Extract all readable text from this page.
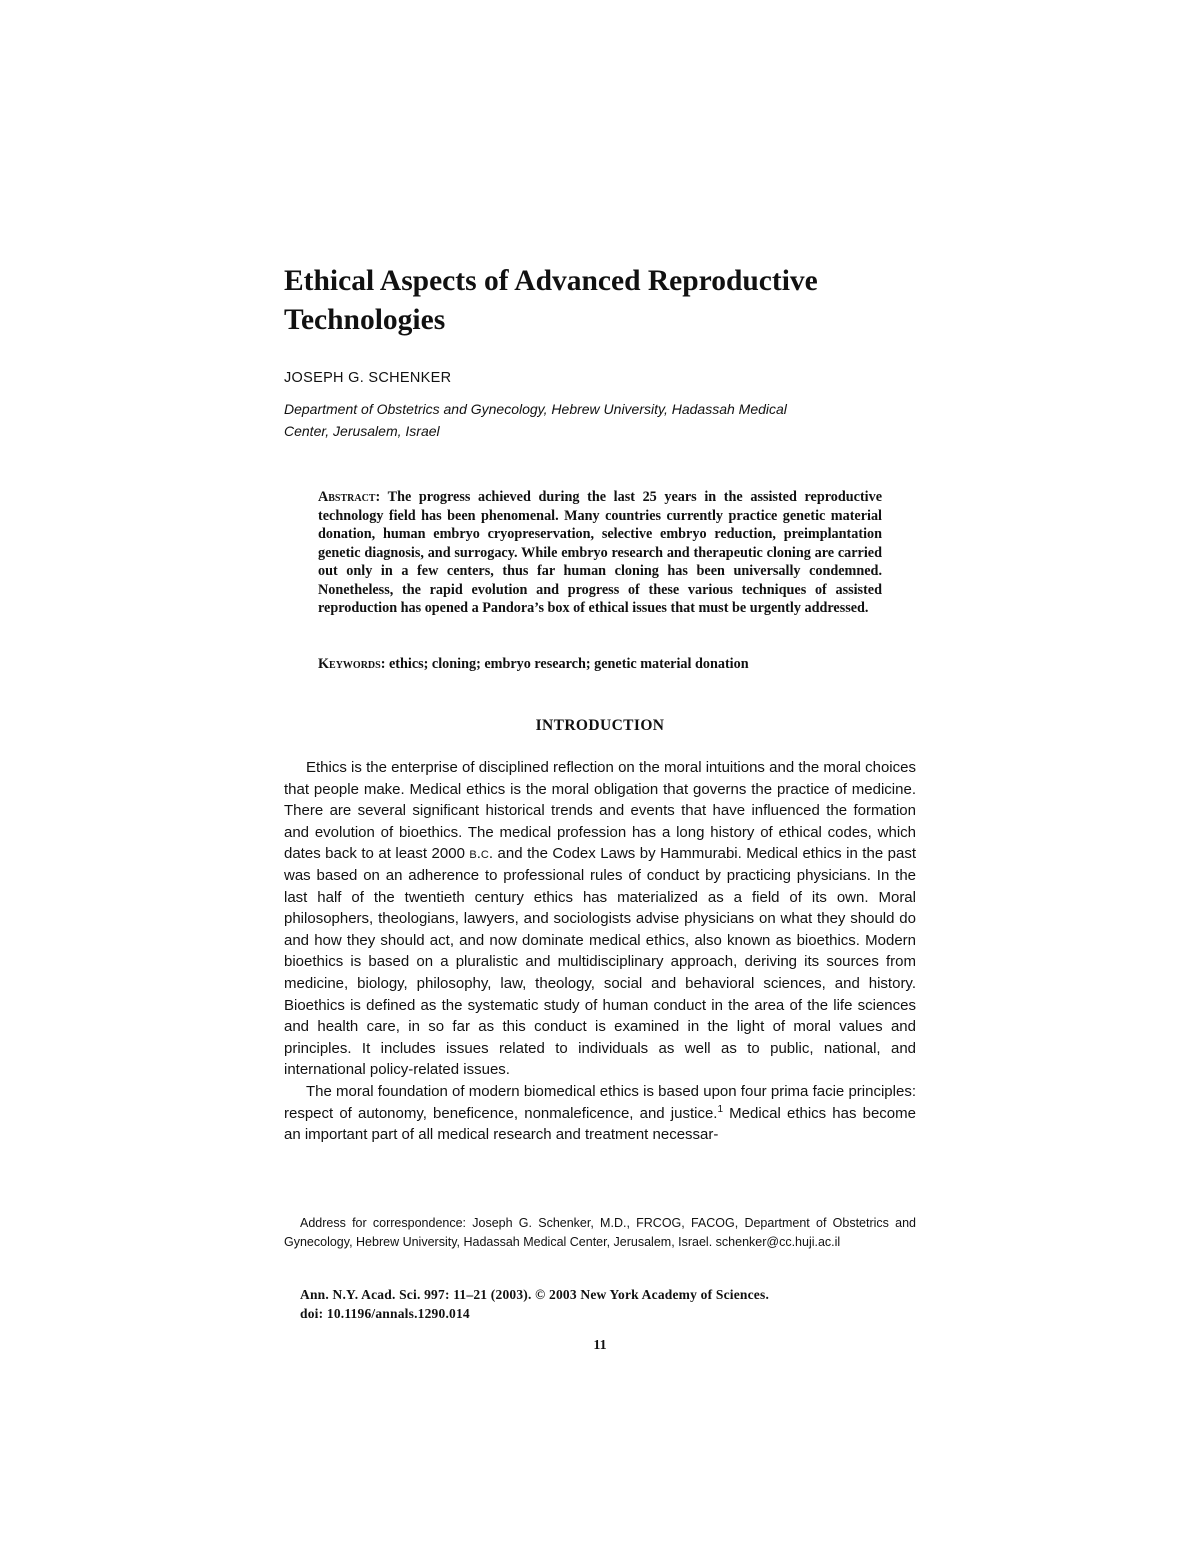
Ethical Aspects of Advanced Reproductive
Technologies
JOSEPH G. SCHENKER
Department of Obstetrics and Gynecology, Hebrew University, Hadassah Medical
Center, Jerusalem, Israel

Abstract: The progress achieved during the last 25 years in the assisted reproductive technology field has been phenomenal. Many countries currently practice genetic material donation, human embryo cryopreservation, selective embryo reduction, preimplantation genetic diagnosis, and surrogacy. While embryo research and therapeutic cloning are carried out only in a few centers, thus far human cloning has been universally condemned. Nonetheless, the rapid evolution and progress of these various techniques of assisted reproduction has opened a Pandora’s box of ethical issues that must be urgently addressed.

Keywords: ethics; cloning; embryo research; genetic material donation

INTRODUCTION

Ethics is the enterprise of disciplined reflection on the moral intuitions and the moral choices that people make. Medical ethics is the moral obligation that governs the practice of medicine. There are several significant historical trends and events that have influenced the formation and evolution of bioethics. The medical profession has a long history of ethical codes, which dates back to at least 2000 b.c. and the Codex Laws by Hammurabi. Medical ethics in the past was based on an adherence to professional rules of conduct by practicing physicians. In the last half of the twentieth century ethics has materialized as a field of its own. Moral philosophers, theologians, lawyers, and sociologists advise physicians on what they should do and how they should act, and now dominate medical ethics, also known as bioethics. Modern bioethics is based on a pluralistic and multidisciplinary approach, deriving its sources from medicine, biology, philosophy, law, theology, social and behavioral sciences, and history. Bioethics is defined as the systematic study of human conduct in the area of the life sciences and health care, in so far as this conduct is examined in the light of moral values and principles. It includes issues related to individuals as well as to public, national, and international policy-related issues.

The moral foundation of modern biomedical ethics is based upon four prima facie principles: respect of autonomy, beneficence, nonmaleficence, and justice.$^1$ Medical ethics has become an important part of all medical research and treatment necessar-

Address for correspondence: Joseph G. Schenker, M.D., FRCOG, FACOG, Department of Obstetrics and Gynecology, Hebrew University, Hadassah Medical Center, Jerusalem, Israel. schenker@cc.huji.ac.il

Ann. N.Y. Acad. Sci. 997: 11–21 (2003). © 2003 New York Academy of Sciences.
doi: 10.1196/annals.1290.014
11
